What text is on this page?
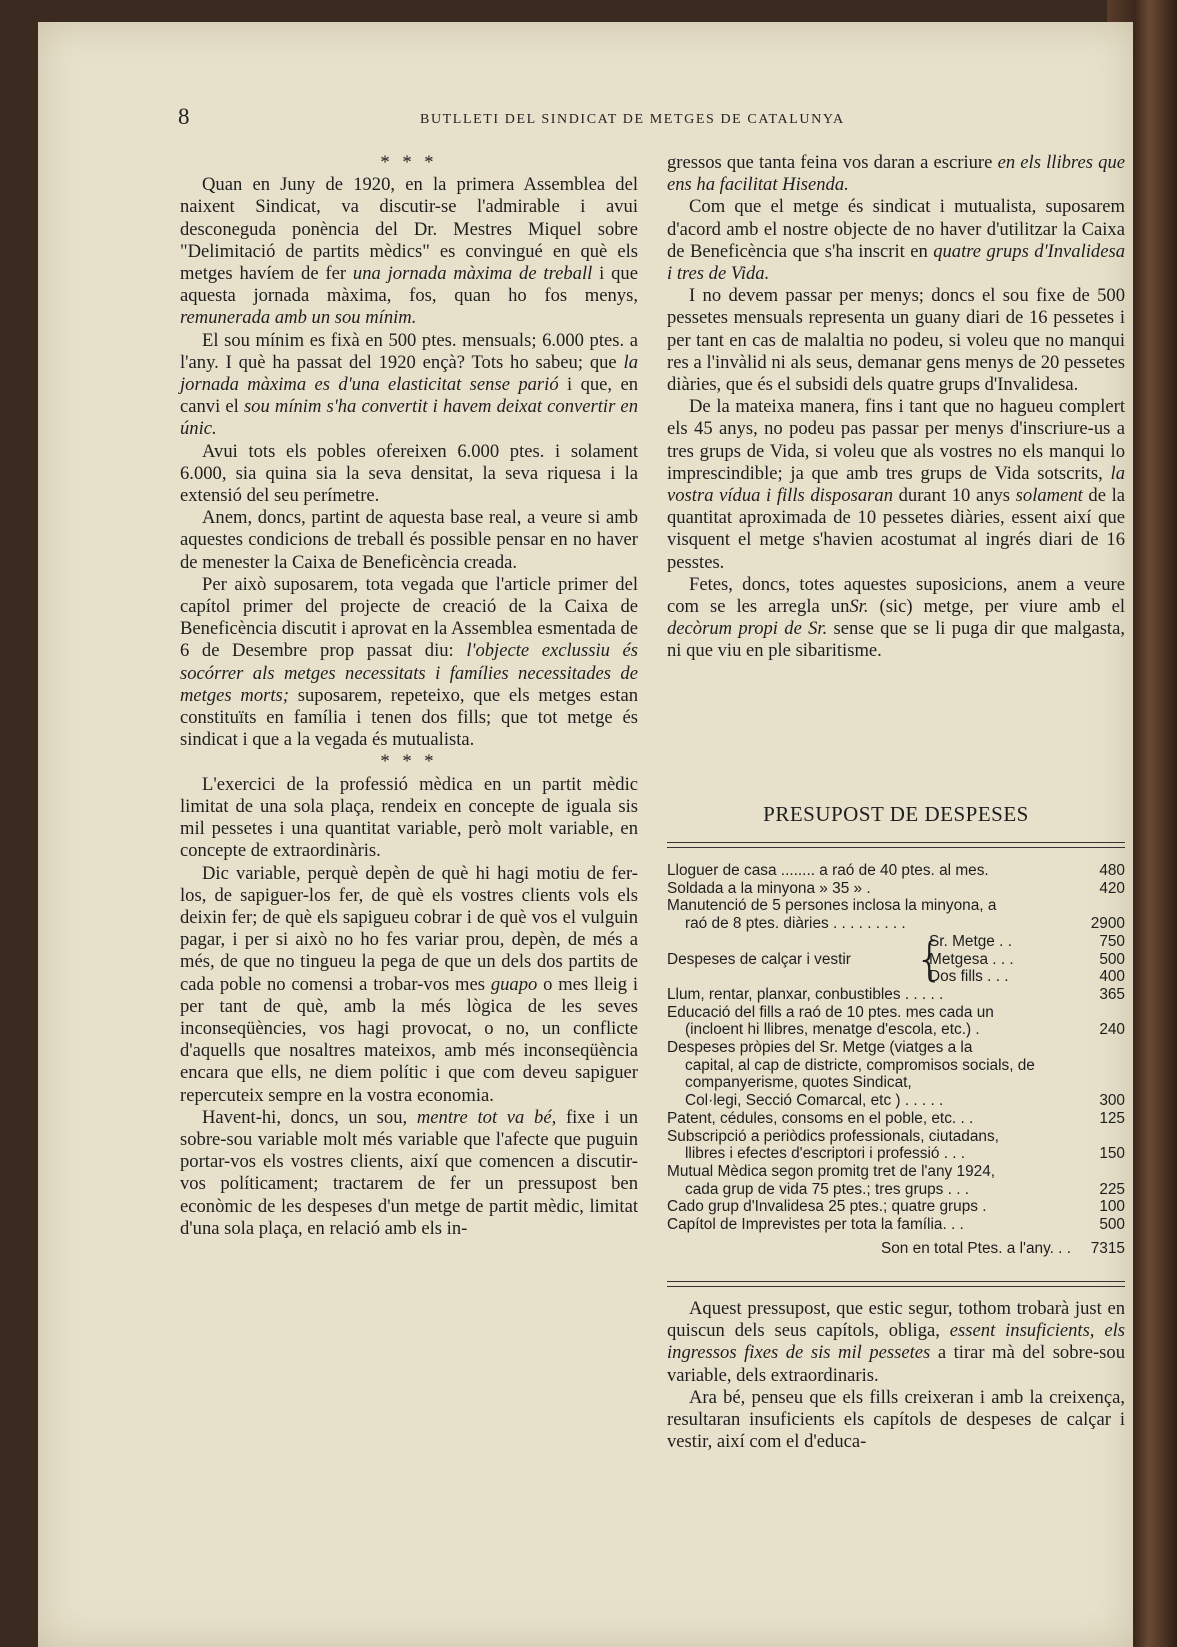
8	BUTLLETI DEL SINDICAT DE METGES DE CATALUNYA

* * *

Quan en Juny de 1920, en la primera Assemblea del naixent Sindicat, va discutir-se l'admirable i avui desconeguda ponència del Dr. Mestres Miquel sobre "Delimitació de partits mèdics" es convingué en què els metges havíem de fer una jornada màxima de treball i que aquesta jornada màxima, fos, quan ho fos menys, remunerada amb un sou mínim.

El sou mínim es fixà en 500 ptes. mensuals; 6.000 ptes. a l'any. I què ha passat del 1920 ençà? Tots ho sabeu; que la jornada màxima es d'una elasticitat sense parió i que, en canvi el sou mínim s'ha convertit i havem deixat convertir en únic.

Avui tots els pobles ofereixen 6.000 ptes. i solament 6.000, sia quina sia la seva densitat, la seva riquesa i la extensió del seu perímetre.

Anem, doncs, partint de aquesta base real, a veure si amb aquestes condicions de treball és possible pensar en no haver de menester la Caixa de Beneficència creada.

Per això suposarem, tota vegada que l'article primer del capítol primer del projecte de creació de la Caixa de Beneficència discutit i aprovat en la Assemblea esmentada de 6 de Desembre prop passat diu: l'objecte exclussiu és socórrer als metges necessitats i famílies necessitades de metges morts; suposarem, repeteixo, que els metges estan constituïts en família i tenen dos fills; que tot metge és sindicat i que a la vegada és mutualista.

* * *

L'exercici de la professió mèdica en un partit mèdic limitat de una sola plaça, rendeix en concepte de iguala sis mil pessetes i una quantitat variable, però molt variable, en concepte de extraordinàris.

Dic variable, perquè depèn de què hi hagi motiu de fer-los, de sapiguer-los fer, de què els vostres clients vols els deixin fer; de què els sapigueu cobrar i de què vos el vulguin pagar, i per si això no ho fes variar prou, depèn, de més a més, de que no tingueu la pega de que un dels dos partits de cada poble no comensi a trobar-vos mes guapo o mes lleig i per tant de què, amb la més lògica de les seves inconseqüències, vos hagi provocat, o no, un conflicte d'aquells que nosaltres mateixos, amb més inconseqüència encara que ells, ne diem polític i que com deveu sapiguer repercuteix sempre en la vostra economia.

Havent-hi, doncs, un sou, mentre tot va bé, fixe i un sobre-sou variable molt més variable que l'afecte que puguin portar-vos els vostres clients, així que comencen a discutir-vos políticament; tractarem de fer un pressupost ben econòmic de les despeses d'un metge de partit mèdic, limitat d'una sola plaça, en relació amb els in-

gressos que tanta feina vos daran a escriure en els llibres que ens ha facilitat Hisenda.

Com que el metge és sindicat i mutualista, suposarem d'acord amb el nostre objecte de no haver d'utilitzar la Caixa de Beneficència que s'ha inscrit en quatre grups d'Invalidesa i tres de Vida.

I no devem passar per menys; doncs el sou fixe de 500 pessetes mensuals representa un guany diari de 16 pessetes i per tant en cas de malaltia no podeu, si voleu que no manqui res a l'invàlid ni als seus, demanar gens menys de 20 pessetes diàries, que és el subsidi dels quatre grups d'Invalidesa.

De la mateixa manera, fins i tant que no hagueu complert els 45 anys, no podeu pas passar per menys d'inscriure-us a tres grups de Vida, si voleu que als vostres no els manqui lo imprescindible; ja que amb tres grups de Vida sotscrits, la vostra vídua i fills disposaran durant 10 anys solament de la quantitat aproximada de 10 pessetes diàries, essent així que visquent el metge s'havien acostumat al ingrés diari de 16 pesstes.

Fetes, doncs, totes aquestes suposicions, anem a veure com se les arregla unSr. (sic) metge, per viure amb el decòrum propi de Sr. sense que se li puga dir que malgasta, ni que viu en ple sibaritisme.

PRESUPOST DE DESPESES
Lloguer de casa ........ a raó de 40 ptes. al mes.	480
Soldada a la minyona » 35 » .	420
Manutenció de 5 persones inclosa la minyona, a
raó de 8 ptes. diàries . . . . . . . . .	2900
Despeses de calçar i vestir	{
Sr. Metge . .	750
Metgesa . . .	500
Dos fills . . .	400
Llum, rentar, planxar, conbustibles . . . . .	365
Educació del fills a raó de 10 ptes. mes cada un
(incloent hi llibres, menatge d'escola, etc.) .	240
Despeses pròpies del Sr. Metge (viatges a la
capital, al cap de districte, compromisos socials, de companyerisme, quotes Sindicat,
Col·legi, Secció Comarcal, etc ) . . . . .	300
Patent, cédules, consoms en el poble, etc. . .	125
Subscripció a periòdics professionals, ciutadans,
llibres i efectes d'escriptori i professió . . .	150
Mutual Mèdica segon promitg tret de l'any 1924,
cada grup de vida 75 ptes.; tres grups . . .	225
Cado grup d'Invalidesa 25 ptes.; quatre grups .	100
Capítol de Imprevistes per tota la família. . .	500
Son en total Ptes. a l'any. . .	7315

Aquest pressupost, que estic segur, tothom trobarà just en quiscun dels seus capítols, obliga, essent insuficients, els ingressos fixes de sis mil pessetes a tirar mà del sobre-sou variable, dels extraordinaris.

Ara bé, penseu que els fills creixeran i amb la creixença, resultaran insuficients els capítols de despeses de calçar i vestir, així com el d'educa-
